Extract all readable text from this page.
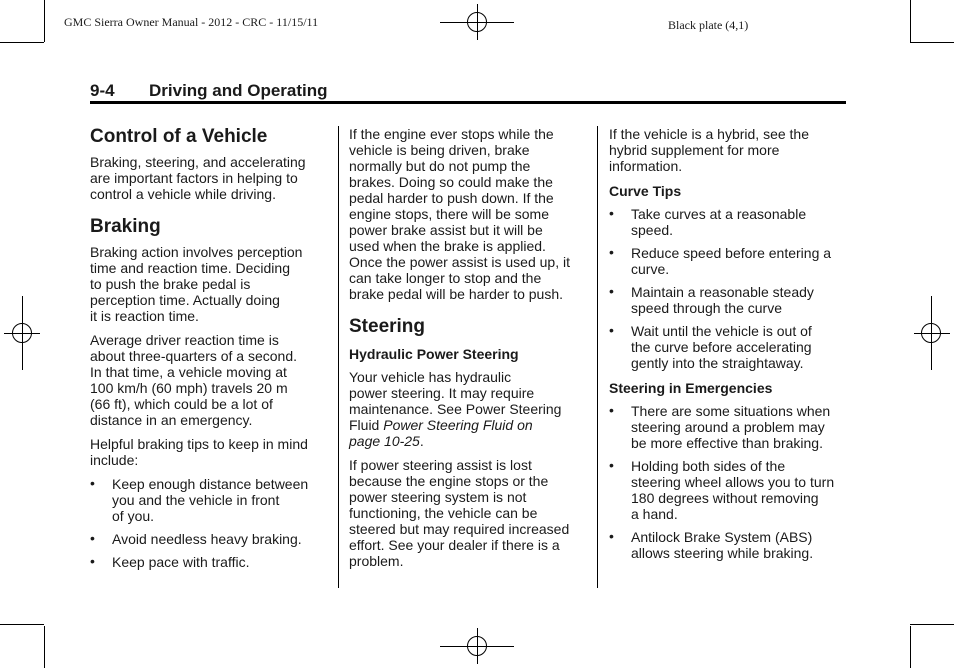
GMC Sierra Owner Manual - 2012 - CRC - 11/15/11	Black plate (4,1)
9-4 Driving and Operating
Control of a Vehicle

Braking, steering, and accelerating
are important factors in helping to
control a vehicle while driving.

Braking

Braking action involves perception
time and reaction time. Deciding
to push the brake pedal is
perception time. Actually doing
it is reaction time.

Average driver reaction time is
about three-quarters of a second.
In that time, a vehicle moving at
100 km/h (60 mph) travels 20 m
(66 ft), which could be a lot of
distance in an emergency.

Helpful braking tips to keep in mind
include:

• Keep enough distance between
you and the vehicle in front
of you.
• Avoid needless heavy braking.
• Keep pace with traffic.

If the engine ever stops while the
vehicle is being driven, brake
normally but do not pump the
brakes. Doing so could make the
pedal harder to push down. If the
engine stops, there will be some
power brake assist but it will be
used when the brake is applied.
Once the power assist is used up, it
can take longer to stop and the
brake pedal will be harder to push.

Steering
Hydraulic Power Steering

Your vehicle has hydraulic
power steering. It may require
maintenance. See Power Steering
Fluid Power Steering Fluid on
page 10-25.

If power steering assist is lost
because the engine stops or the
power steering system is not
functioning, the vehicle can be
steered but may required increased
effort. See your dealer if there is a
problem.

If the vehicle is a hybrid, see the
hybrid supplement for more
information.

Curve Tips
• Take curves at a reasonable
speed.
• Reduce speed before entering a
curve.
• Maintain a reasonable steady
speed through the curve
• Wait until the vehicle is out of
the curve before accelerating
gently into the straightaway.
Steering in Emergencies
• There are some situations when
steering around a problem may
be more effective than braking.
• Holding both sides of the
steering wheel allows you to turn
180 degrees without removing
a hand.
• Antilock Brake System (ABS)
allows steering while braking.
